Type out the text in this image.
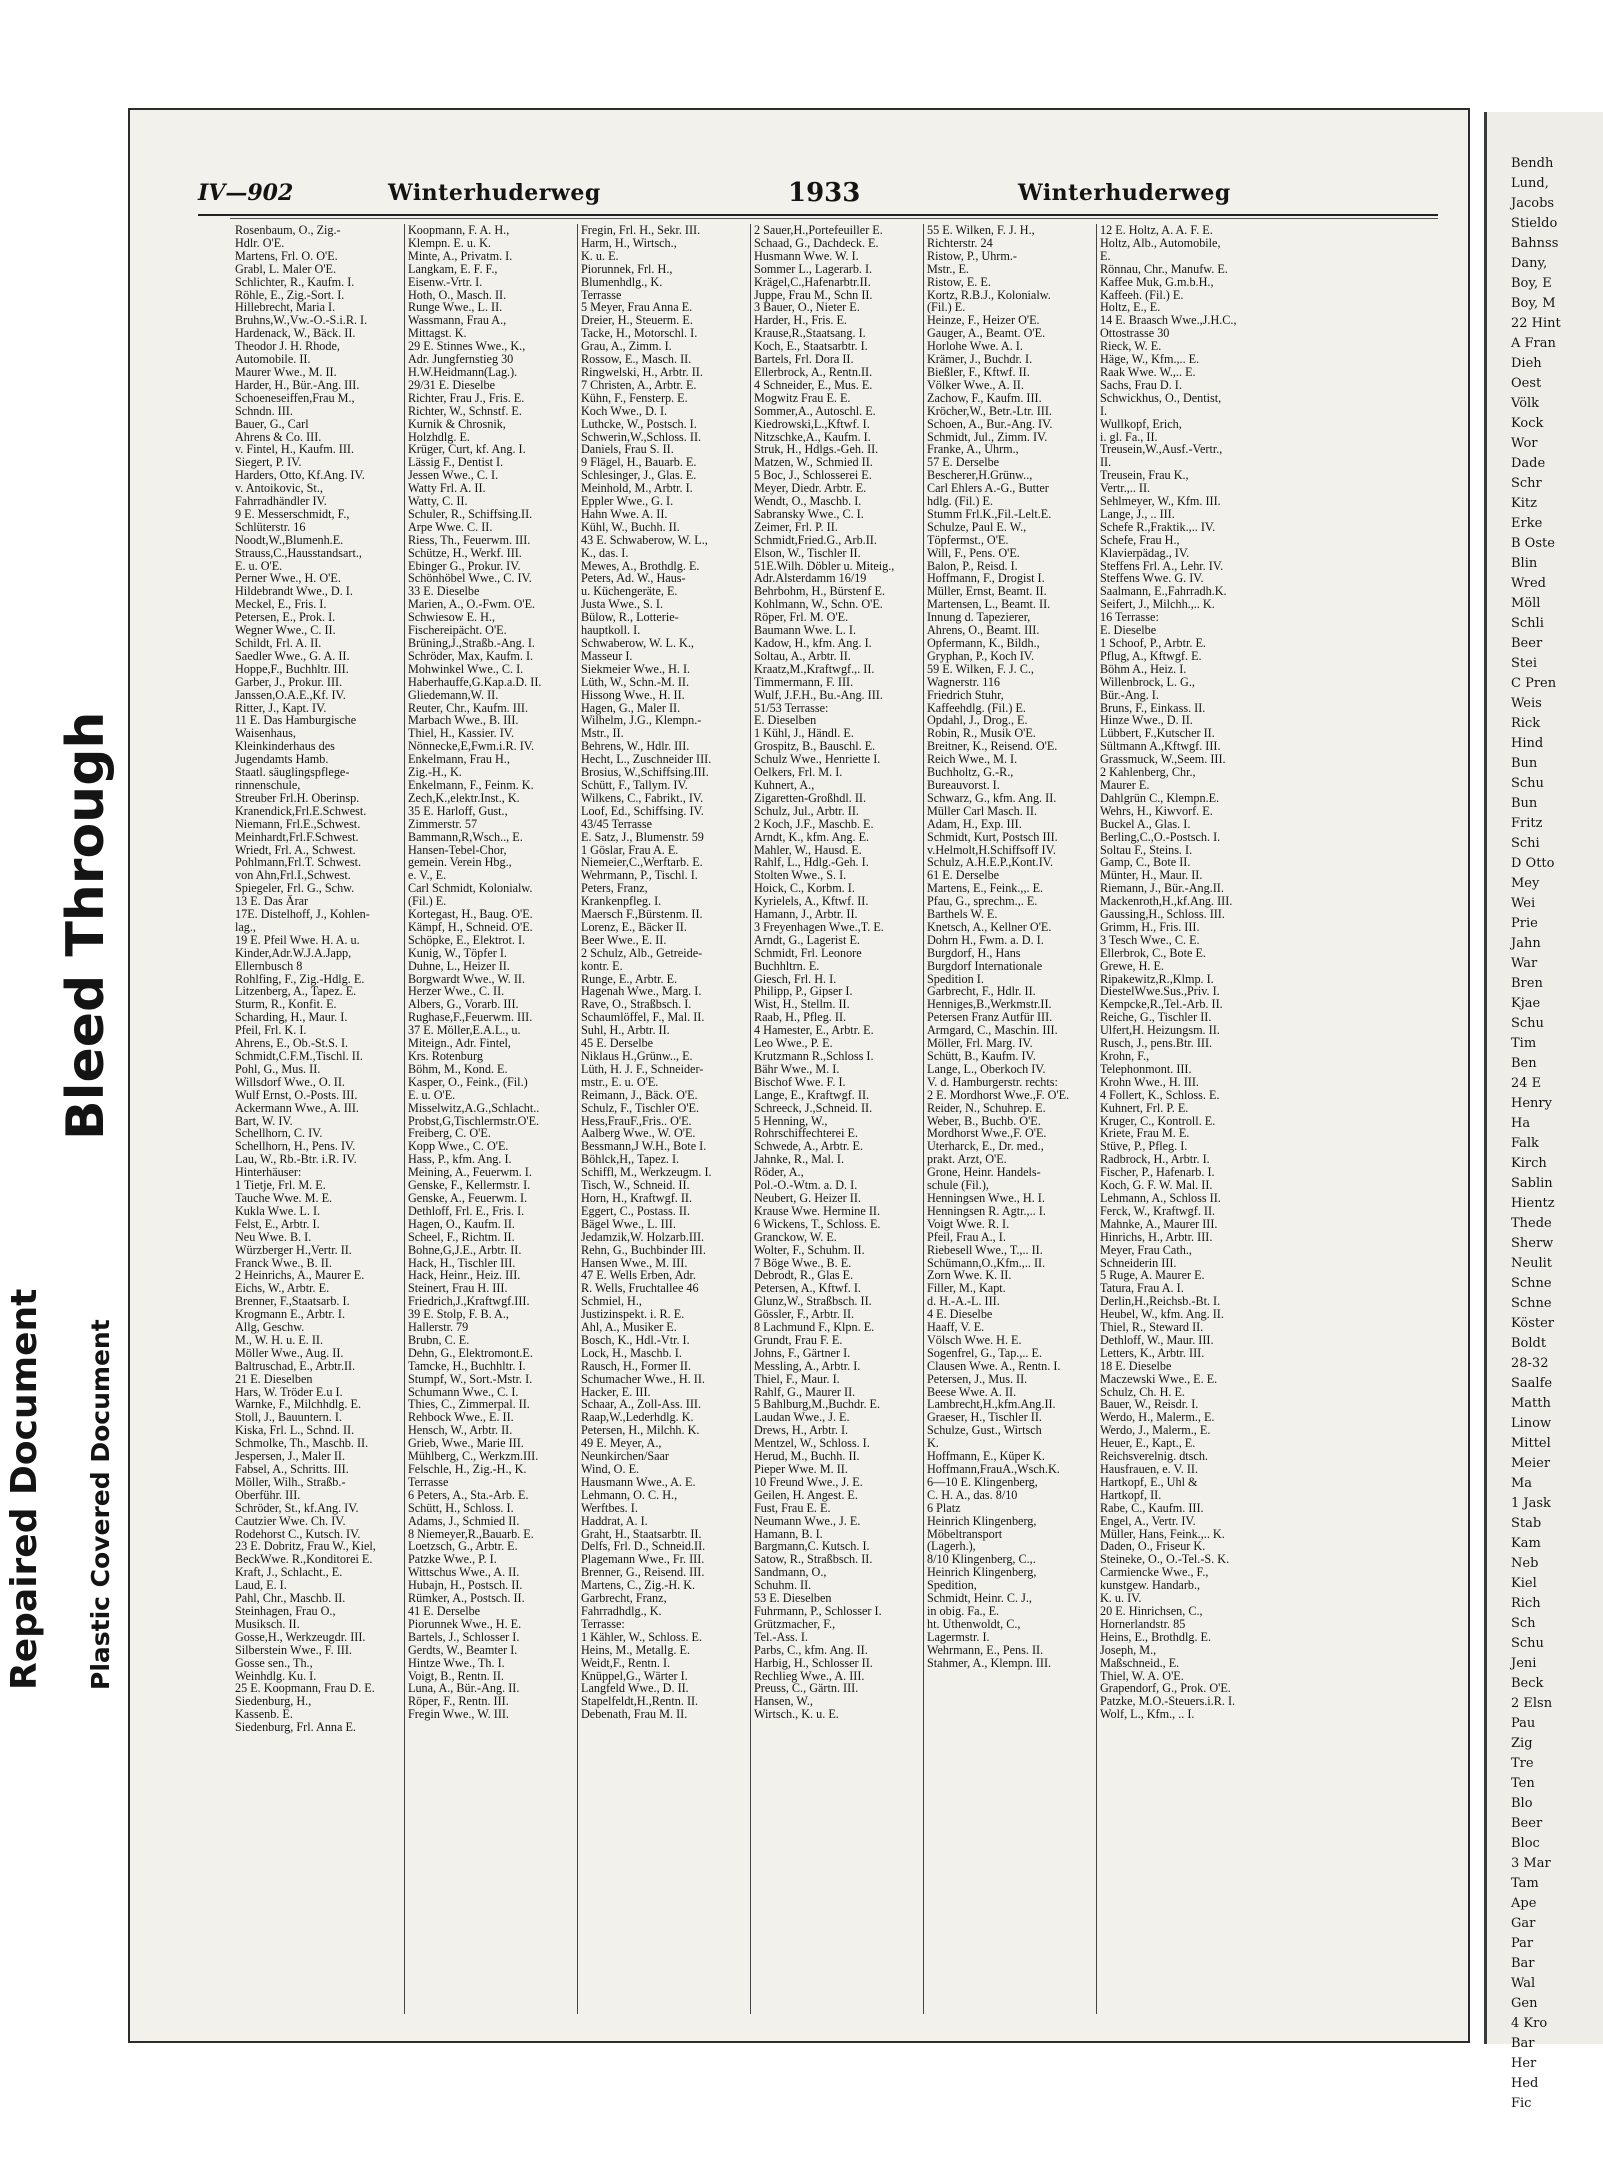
Repaired Document Plastic Covered Document
Bleed Through
Bendh
Lund,
Jacobs
Stieldo
Bahnss
Dany,
Boy, E
Boy, M
22 Hint
A Fran
Dieh
Oest
Völk
Kock
Wor
Dade
Schr
Kitz
Erke
B Oste
Blin
Wred
Möll
Schli
Beer
Stei
C Pren
Weis
Rick
Hind
Bun
Schu
Bun
Fritz
Schi
D Otto
Mey
Wei
Prie
Jahn
War
Bren
Kjae
Schu
Tim
Ben
24 E
Henry
Ha
Falk
Kirch
Sablin
Hientz
Thede
Sherw
Neulit
Schne
Schne
Köster
Boldt
28-32
Saalfe
Matth
Linow
Mittel
Meier
Ma
1 Jask
Stab
Kam
Neb
Kiel
Rich
Sch
Schu
Jeni
Beck
2 Elsn
Pau
Zig
Tre
Ten
Blo
Beer
Bloc
3 Mar
Tam
Ape
Gar
Par
Bar
Wal
Gen
4 Kro
Bar
Her
Hed
Fic
IV—902	Winterhuderweg	1933	Winterhuderweg
Rosenbaum, O., Zig.-
Hdlr. O'E.
Martens, Frl. O. O'E.
Grabl, L. Maler O'E.
Schlichter, R., Kaufm. I.
Röhle, E., Zig.-Sort. I.
Hillebrecht, Maria I.
Bruhns,W.,Vw.-O.-S.i.R. I.
Hardenack, W., Bäck. II.
Theodor J. H. Rhode,
Automobile. II.
Maurer Wwe., M. II.
Harder, H., Bür.-Ang. III.
Schoeneseiffen,Frau M.,
Schndn. III.
Bauer, G., Carl
Ahrens & Co. III.
v. Fintel, H., Kaufm. III.
Siegert, P. IV.
Harders, Otto, Kf.Ang. IV.
v. Antoikovic, St.,
Fahrradhändler IV.
9 E. Messerschmidt, F.,
Schlüterstr. 16
Noodt,W.,Blumenh.E.
Strauss,C.,Hausstandsart.,
E. u. O'E.
Perner Wwe., H. O'E.
Hildebrandt Wwe., D. I.
Meckel, E., Fris. I.
Petersen, E., Prok. I.
Wegner Wwe., C. II.
Schildt, Frl. A. II.
Saedler Wwe., G. A. II.
Hoppe,F., Buchhltr. III.
Garber, J., Prokur. III.
Janssen,O.A.E.,Kf. IV.
Ritter, J., Kapt. IV.
11 E. Das Hamburgische
Waisenhaus,
Kleinkinderhaus des
Jugendamts Hamb.
Staatl. säuglingspflege-
rinnenschule,
Streuber Frl.H. Oberinsp.
Kranendick,Frl.E.Schwest.
Niemann, Frl.E.,Schwest.
Meinhardt,Frl.F.Schwest.
Wriedt, Frl. A., Schwest.
Pohlmann,Frl.T. Schwest.
von Ahn,Frl.I.,Schwest.
Spiegeler, Frl. G., Schw.
13 E. Das Ärar
17E. Distelhoff, J., Kohlen-
lag.,
19 E. Pfeil Wwe. H. A. u.
Kinder,Adr.W.J.A.Japp,
Ellernbusch 8
Rohlfing, F., Zig.-Hdlg. E.
Litzenberg, A., Tapez. E.
Sturm, R., Konfit. E.
Scharding, H., Maur. I.
Pfeil, Frl. K. I.
Ahrens, E., Ob.-St.S. I.
Schmidt,C.F.M.,Tischl. II.
Pohl, G., Mus. II.
Willsdorf Wwe., O. II.
Wulf Ernst, O.-Posts. III.
Ackermann Wwe., A. III.
Bart, W. IV.
Schellhorn, C. IV.
Schellhorn, H., Pens. IV.
Lau, W., Rb.-Btr. i.R. IV.
Hinterhäuser:
1 Tietje, Frl. M. E.
Tauche Wwe. M. E.
Kukla Wwe. L. I.
Felst, E., Arbtr. I.
Neu Wwe. B. I.
Würzberger H.,Vertr. II.
Franck Wwe., B. II.
2 Heinrichs, A., Maurer E.
Eichs, W., Arbtr. E.
Brenner, F.,Staatsarb. I.
Krogmann E., Arbtr. I.
Allg, Geschw.
M., W. H. u. E. II.
Möller Wwe., Aug. II.
Baltruschad, E., Arbtr.II.
21 E. Dieselben
Hars, W. Tröder E.u I.
Warnke, F., Milchhdlg. E.
Stoll, J., Bauuntern. I.
Kiska, Frl. L., Schnd. II.
Schmolke, Th., Maschb. II.
Jespersen, J., Maler II.
Fabsel, A., Schritts. III.
Möller, Wilh., Straßb.-
Oberführ. III.
Schröder, St., kf.Ang. IV.
Cautzier Wwe. Ch. IV.
Rodehorst C., Kutsch. IV.
23 E. Dobritz, Frau W., Kiel,
BeckWwe. R.,Konditorei E.
Kraft, J., Schlacht., E.
Laud, E. I.
Pahl, Chr., Maschb. II.
Steinhagen, Frau O.,
Musiksch. II.
Gosse,H., Werkzeugdr. III.
Silberstein Wwe., F. III.
Gosse sen., Th.,
Weinhdlg. Ku. I.
25 E. Koopmann, Frau D. E.
Siedenburg, H.,
Kassenb. E.
Siedenburg, Frl. Anna E.
Koopmann, F. A. H.,
Klempn. E. u. K.
Minte, A., Privatm. I.
Langkam, E. F. F.,
Eisenw.-Vrtr. I.
Hoth, O., Masch. II.
Runge Wwe., L. II.
Wassmann, Frau A.,
Mittagst. K.
29 E. Stinnes Wwe., K.,
Adr. Jungfernstieg 30
H.W.Heidmann(Lag.).
29/31 E. Dieselbe
Richter, Frau J., Fris. E.
Richter, W., Schnstf. E.
Kurnik & Chrosnik,
Holzhdlg. E.
Krüger, Curt, kf. Ang. I.
Lässig F., Dentist I.
Jessen Wwe., C. I.
Watty Frl. A. II.
Watty, C. II.
Schuler, R., Schiffsing.II.
Arpe Wwe. C. II.
Riess, Th., Feuerwm. III.
Schütze, H., Werkf. III.
Ebinger G., Prokur. IV.
Schönhöbel Wwe., C. IV.
33 E. Dieselbe
Marien, A., O.-Fwm. O'E.
Schwiesow E. H.,
Fischereipächt. O'E.
Brüning,J.,Straßb.-Ang. I.
Schröder, Max, Kaufm. I.
Mohwinkel Wwe., C. I.
Haberhauffe,G.Kap.a.D. II.
Gliedemann,W. II.
Reuter, Chr., Kaufm. III.
Marbach Wwe., B. III.
Thiel, H., Kassier. IV.
Nönnecke,E,Fwm.i.R. IV.
Enkelmann, Frau H.,
Zig.-H., K.
Enkelmann, F., Feinm. K.
Zech,K.,elektr.Inst., K.
35 E. Harloff, Gust.,
Zimmerstr. 57
Bammann,R,Wsch.., E.
Hansen-Tebel-Chor,
gemein. Verein Hbg.,
e. V., E.
Carl Schmidt, Kolonialw.
(Fil.) E.
Kortegast, H., Baug. O'E.
Kämpf, H., Schneid. O'E.
Schöpke, E., Elektrot. I.
Kunig, W., Töpfer I.
Duhne, L., Heizer II.
Borgwardt Wwe., W. II.
Herzer Wwe., C. II.
Albers, G., Vorarb. III.
Rughase,F.,Feuerwm. III.
37 E. Möller,E.A.L., u.
Miteign., Adr. Fintel,
Krs. Rotenburg
Böhm, M., Kond. E.
Kasper, O., Feink., (Fil.)
E. u. O'E.
Misselwitz,A.G.,Schlacht..
Probst,G,Tischlermstr.O'E.
Freiberg, C. O'E.
Kopp Wwe., C. O'E.
Hass, P., kfm. Ang. I.
Meining, A., Feuerwm. I.
Genske, F., Kellermstr. I.
Genske, A., Feuerwm. I.
Dethloff, Frl. E., Fris. I.
Hagen, O., Kaufm. II.
Scheel, F., Richtm. II.
Bohne,G,J.E., Arbtr. II.
Hack, H., Tischler III.
Hack, Heinr., Heiz. III.
Steinert, Frau H. III.
Friedrich,J.,Kraftwgf.III.
39 E. Stolp, F. B. A.,
Hallerstr. 79
Brubn, C. E.
Dehn, G., Elektromont.E.
Tamcke, H., Buchhltr. I.
Stumpf, W., Sort.-Mstr. I.
Schumann Wwe., C. I.
Thies, C., Zimmerpal. II.
Rehbock Wwe., E. II.
Hensch, W., Arbtr. II.
Grieb, Wwe., Marie III.
Mühlberg, C., Werkzm.III.
Felschle, H., Zig.-H., K.
Terrasse
6 Peters, A., Sta.-Arb. E.
Schütt, H., Schloss. I.
Adams, J., Schmied II.
8 Niemeyer,R.,Bauarb. E.
Loetzsch, G., Arbtr. E.
Patzke Wwe., P. I.
Wittschus Wwe., A. II.
Hubajn, H., Postsch. II.
Rümker, A., Postsch. II.
41 E. Derselbe
Piorunnek Wwe., H. E.
Bartels, J., Schlosser I.
Gerdts, W., Beamter I.
Hintze Wwe., Th. I.
Voigt, B., Rentn. II.
Luna, A., Bür.-Ang. II.
Röper, F., Rentn. III.
Fregin Wwe., W. III.
Fregin, Frl. H., Sekr. III.
Harm, H., Wirtsch.,
K. u. E.
Piorunnek, Frl. H.,
Blumenhdlg., K.
Terrasse
5 Meyer, Frau Anna E.
Dreier, H., Steuerm. E.
Tacke, H., Motorschl. I.
Grau, A., Zimm. I.
Rossow, E., Masch. II.
Ringwelski, H., Arbtr. II.
7 Christen, A., Arbtr. E.
Kühn, F., Fensterp. E.
Koch Wwe., D. I.
Luthcke, W., Postsch. I.
Schwerin,W.,Schloss. II.
Daniels, Frau S. II.
9 Flägel, H., Bauarb. E.
Schlesinger, J., Glas. E.
Meinhold, M., Arbtr. I.
Eppler Wwe., G. I.
Hahn Wwe. A. II.
Kühl, W., Buchh. II.
43 E. Schwaberow, W. L.,
K., das. I.
Mewes, A., Brothdlg. E.
Peters, Ad. W., Haus-
u. Küchengeräte, E.
Justa Wwe., S. I.
Bülow, R., Lotterie-
hauptkoll. I.
Schwaberow, W. L. K.,
Masseur I.
Siekmeier Wwe., H. I.
Lüth, W., Schn.-M. II.
Hissong Wwe., H. II.
Hagen, G., Maler II.
Wilhelm, J.G., Klempn.-
Mstr., II.
Behrens, W., Hdlr. III.
Hecht, L., Zuschneider III.
Brosius, W.,Schiffsing.III.
Schütt, F., Tallym. IV.
Wilkens, C., Fabrikt., IV.
Loof, Ed., Schiffsing. IV.
43/45 Terrasse
E. Satz, J., Blumenstr. 59
1 Göslar, Frau A. E.
Niemeier,C.,Werftarb. E.
Wehrmann, P., Tischl. I.
Peters, Franz,
Krankenpfleg. I.
Maersch F.,Bürstenm. II.
Lorenz, E., Bäcker II.
Beer Wwe., E. II.
2 Schulz, Alb., Getreide-
kontr. E.
Runge, E., Arbtr. E.
Hagenah Wwe., Marg. I.
Rave, O., Straßbsch. I.
Schaumlöffel, F., Mal. II.
Suhl, H., Arbtr. II.
45 E. Derselbe
Niklaus H.,Grünw.., E.
Lüth, H. J. F., Schneider-
mstr., E. u. O'E.
Reimann, J., Bäck. O'E.
Schulz, F., Tischler O'E.
Hess,FrauF.,Fris.. O'E.
Aalberg Wwe., W. O'E.
Bessmann,J W.H., Bote I.
Böhlck,H,, Tapez. I.
Schiffl, M., Werkzeugm. I.
Tisch, W., Schneid. II.
Horn, H., Kraftwgf. II.
Eggert, C., Postass. II.
Bägel Wwe., L. III.
Jedamzik,W. Holzarb.III.
Rehn, G., Buchbinder III.
Hansen Wwe., M. III.
47 E. Wells Erben, Adr.
R. Wells, Fruchtallee 46
Schmiel, H.,
Justizinspekt. i. R. E.
Ahl, A., Musiker E.
Bosch, K., Hdl.-Vtr. I.
Lock, H., Maschb. I.
Rausch, H., Former II.
Schumacher Wwe., H. II.
Hacker, E. III.
Schaar, A., Zoll-Ass. III.
Raap,W.,Lederhdlg. K.
Petersen, H., Milchh. K.
49 E. Meyer, A.,
Neunkirchen/Saar
Wind, O. E.
Hausmann Wwe., A. E.
Lehmann, O. C. H.,
Werftbes. I.
Haddrat, A. I.
Graht, H., Staatsarbtr. II.
Delfs, Frl. D., Schneid.II.
Plagemann Wwe., Fr. III.
Brenner, G., Reisend. III.
Martens, C., Zig.-H. K.
Garbrecht, Franz,
Fahrradhdlg., K.
Terrasse:
1 Kähler, W., Schloss. E.
Heins, M., Metallg. E.
Weidt,F., Rentn. I.
Knüppel,G., Wärter I.
Langfeld Wwe., D. II.
Stapelfeldt,H.,Rentn. II.
Debenath, Frau M. II.
2 Sauer,H.,Portefeuiller E.
Schaad, G., Dachdeck. E.
Husmann Wwe. W. I.
Sommer L., Lagerarb. I.
Krägel,C.,Hafenarbtr.II.
Juppe, Frau M., Schn II.
3 Bauer, O., Nieter E.
Harder, H., Fris. E.
Krause,R.,Staatsang. I.
Koch, E., Staatsarbtr. I.
Bartels, Frl. Dora II.
Ellerbrock, A., Rentn.II.
4 Schneider, E., Mus. E.
Mogwitz Frau E. E.
Sommer,A., Autoschl. E.
Kiedrowski,L.,Kftwf. I.
Nitzschke,A., Kaufm. I.
Struk, H., Hdlgs.-Geh. II.
Matzen, W., Schmied II.
5 Boc, J., Schlosserei E.
Meyer, Diedr. Arbtr. E.
Wendt, O., Maschb. I.
Sabransky Wwe., C. I.
Zeimer, Frl. P. II.
Schmidt,Fried.G., Arb.II.
Elson, W., Tischler II.
51E.Wilh. Döbler u. Miteig.,
Adr.Alsterdamm 16/19
Behrbohm, H., Bürstenf E.
Kohlmann, W., Schn. O'E.
Röper, Frl. M. O'E.
Baumann Wwe. L. I.
Kadow, H., kfm. Ang. I.
Soltau, A., Arbtr. II.
Kraatz,M.,Kraftwgf.,. II.
Timmermann, F. III.
Wulf, J.F.H., Bu.-Ang. III.
51/53 Terrasse:
E. Dieselben
1 Kühl, J., Händl. E.
Grospitz, B., Bauschl. E.
Schulz Wwe., Henriette I.
Oelkers, Frl. M. I.
Kuhnert, A.,
Zigaretten-Großhdl. II.
Schulz, Jul., Arbtr. II.
2 Koch, J.F., Maschb. E.
Arndt, K., kfm. Ang. E.
Mahler, W., Hausd. E.
Rahlf, L., Hdlg.-Geh. I.
Stolten Wwe., S. I.
Hoick, C., Korbm. I.
Kyrielels, A., Kftwf. II.
Hamann, J., Arbtr. II.
3 Freyenhagen Wwe.,T. E.
Arndt, G., Lagerist E.
Schmidt, Frl. Leonore
Buchhltrn. E.
Giesch, Frl. H. I.
Philipp, P., Gipser I.
Wist, H., Stellm. II.
Raab, H., Pfleg. II.
4 Hamester, E., Arbtr. E.
Leo Wwe., P. E.
Krutzmann R.,Schloss I.
Bähr Wwe., M. I.
Bischof Wwe. F. I.
Lange, E., Kraftwgf. II.
Schreeck, J.,Schneid. II.
5 Henning, W.,
Rohrschiffechterei E.
Schwede, A., Arbtr. E.
Jahnke, R., Mal. I.
Röder, A.,
Pol.-O.-Wtm. a. D. I.
Neubert, G. Heizer II.
Krause Wwe. Hermine II.
6 Wickens, T., Schloss. E.
Granckow, W. E.
Wolter, F., Schuhm. II.
7 Böge Wwe., B. E.
Debrodt, R., Glas E.
Petersen, A., Kftwf. I.
Glunz,W., Straßbsch. II.
Gössler, F., Arbtr. II.
8 Lachmund F., Klpn. E.
Grundt, Frau F. E.
Johns, F., Gärtner I.
Messling, A., Arbtr. I.
Thiel, F., Maur. I.
Rahlf, G., Maurer II.
5 Bahlburg,M.,Buchdr. E.
Laudan Wwe., J. E.
Drews, H., Arbtr. I.
Mentzel, W., Schloss. I.
Herud, M., Buchh. II.
Pieper Wwe. M. II.
10 Freund Wwe., J. E.
Geilen, H. Angest. E.
Fust, Frau E. E.
Neumann Wwe., J. E.
Hamann, B. I.
Bargmann,C. Kutsch. I.
Satow, R., Straßbsch. II.
Sandmann, O.,
Schuhm. II.
53 E. Dieselben
Fuhrmann, P., Schlosser I.
Grützmacher, F.,
Tel.-Ass. I.
Parbs, C., kfm. Ang. II.
Harbig, H., Schlosser II.
Rechlieg Wwe., A. III.
Preuss, C., Gärtn. III.
Hansen, W.,
Wirtsch., K. u. E.
55 E. Wilken, F. J. H.,
Richterstr. 24
Ristow, P., Uhrm.-
Mstr., E.
Ristow, E. E.
Kortz, R.B.J., Kolonialw.
(Fil.) E.
Heinze, F., Heizer O'E.
Gauger, A., Beamt. O'E.
Horlohe Wwe. A. I.
Krämer, J., Buchdr. I.
Bießler, F., Kftwf. II.
Völker Wwe., A. II.
Zachow, F., Kaufm. III.
Kröcher,W., Betr.-Ltr. III.
Schoen, A., Bur.-Ang. IV.
Schmidt, Jul., Zimm. IV.
Franke, A., Uhrm.,
57 E. Derselbe
Bescherer,H.Grünw..,
Carl Ehlers A.-G., Butter
hdlg. (Fil.) E.
Stumm Frl.K.,Fil.-Lelt.E.
Schulze, Paul E. W.,
Töpfermst., O'E.
Will, F., Pens. O'E.
Balon, P., Reisd. I.
Hoffmann, F., Drogist I.
Müller, Ernst, Beamt. II.
Martensen, L., Beamt. II.
Innung d. Tapezierer,
Ahrens, O., Beamt. III.
Opfermann, K., Bildh.,
Gryphan, P., Koch IV.
59 E. Wilken, F. J. C.,
Wagnerstr. 116
Friedrich Stuhr,
Kaffeehdlg. (Fil.) E.
Opdahl, J., Drog., E.
Robin, R., Musik O'E.
Breitner, K., Reisend. O'E.
Reich Wwe., M. I.
Buchholtz, G.-R.,
Bureauvorst. I.
Schwarz, G., kfm. Ang. II.
Müller Carl Masch. II.
Adam, H., Exp. III.
Schmidt, Kurt, Postsch III.
v.Helmolt,H.Schiffsoff IV.
Schulz, A.H.E.P.,Kont.IV.
61 E. Derselbe
Martens, E., Feink.,,. E.
Pfau, G., sprechm.,. E.
Barthels W. E.
Knetsch, A., Kellner O'E.
Dohrn H., Fwm. a. D. I.
Burgdorf, H., Hans
Burgdorf Internationale
Spedition I.
Garbrecht, F., Hdlr. II.
Henniges,B.,Werkmstr.II.
Petersen Franz Autfür III.
Armgard, C., Maschin. III.
Möller, Frl. Marg. IV.
Schütt, B., Kaufm. IV.
Lange, L., Oberkoch IV.
V. d. Hamburgerstr. rechts:
2 E. Mordhorst Wwe.,F. O'E.
Reider, N., Schuhrep. E.
Weber, B., Buchb. O'E.
Mordhorst Wwe.,F. O'E.
Uterharck, E., Dr. med.,
prakt. Arzt, O'E.
Grone, Heinr. Handels-
schule (Fil.),
Henningsen Wwe., H. I.
Henningsen R. Agtr.,.. I.
Voigt Wwe. R. I.
Pfeil, Frau A., I.
Riebesell Wwe., T.,.. II.
Schümann,O.,Kfm.,.. II.
Zorn Wwe. K. II.
Filler, M., Kapt.
d. H.-A.-L. III.
4 E. Dieselbe
Haaff, V. E.
Völsch Wwe. H. E.
Sogenfrel, G., Tap.,.. E.
Clausen Wwe. A., Rentn. I.
Petersen, J., Mus. II.
Beese Wwe. A. II.
Lambrecht,H.,kfm.Ang.II.
Graeser, H., Tischler II.
Schulze, Gust., Wirtsch
K.
Hoffmann, E., Küper K.
Hoffmann,FrauA.,Wsch.K.
6—10 E. Klingenberg,
C. H. A., das. 8/10
6 Platz
Heinrich Klingenberg,
Möbeltransport
(Lagerh.),
8/10 Klingenberg, C.,.
Heinrich Klingenberg,
Spedition,
Schmidt, Heinr. C. J.,
in obig. Fa., E.
ht. Uthenwoldt, C.,
Lagermstr. I.
Wehrmann, E., Pens. II.
Stahmer, A., Klempn. III.
12 E. Holtz, A. A. F. E.
Holtz, Alb., Automobile,
E.
Rönnau, Chr., Manufw. E.
Kaffee Muk, G.m.b.H.,
Kaffeeh. (Fil.) E.
Holtz, E., E.
14 E. Braasch Wwe.,J.H.C.,
Ottostrasse 30
Rieck, W. E.
Häge, W., Kfm.,.. E.
Raak Wwe. W.,.. E.
Sachs, Frau D. I.
Schwickhus, O., Dentist,
I.
Wullkopf, Erich,
i. gl. Fa., II.
Treusein,W.,Ausf.-Vertr.,
II.
Treusein, Frau K.,
Vertr.,.. II.
Sehlmeyer, W., Kfm. III.
Lange, J., .. III.
Schefe R.,Fraktik.,.. IV.
Schefe, Frau H.,
Klavierpädag., IV.
Steffens Frl. A., Lehr. IV.
Steffens Wwe. G. IV.
Saalmann, E.,Fahrradh.K.
Seifert, J., Milchh.,.. K.
16 Terrasse:
E. Dieselbe
1 Schoof, P., Arbtr. E.
Pflug, A., Kftwgf. E.
Böhm A., Heiz. I.
Willenbrock, L. G.,
Bür.-Ang. I.
Bruns, F., Einkass. II.
Hinze Wwe., D. II.
Lübbert, F.,Kutscher II.
Sültmann A.,Kftwgf. III.
Grassmuck, W.,Seem. III.
2 Kahlenberg, Chr.,
Maurer E.
Dahlgrün C., Klempn.E.
Wehrs, H., Kiwvorf. E.
Buckel A., Glas. I.
Berling,C.,O.-Postsch. I.
Soltau F., Steins. I.
Gamp, C., Bote II.
Münter, H., Maur. II.
Riemann, J., Bür.-Ang.II.
Mackenroth,H.,kf.Ang. III.
Gaussing,H., Schloss. III.
Grimm, H., Fris. III.
3 Tesch Wwe., C. E.
Ellerbrok, C., Bote E.
Grewe, H. E.
Ripakewitz,R.,Klmp. I.
DiestelWwe.Sus.,Priv. I.
Kempcke,R.,Tel.-Arb. II.
Reiche, G., Tischler II.
Ulfert,H. Heizungsm. II.
Rusch, J., pens.Btr. III.
Krohn, F.,
Telephonmont. III.
Krohn Wwe., H. III.
4 Follert, K., Schloss. E.
Kuhnert, Frl. P. E.
Kruger, C., Kontroll. E.
Kriete, Frau M. E.
Stüve, P., Pfleg. I.
Radbrock, H., Arbtr. I.
Fischer, P., Hafenarb. I.
Koch, G. F. W. Mal. II.
Lehmann, A., Schloss II.
Ferck, W., Kraftwgf. II.
Mahnke, A., Maurer III.
Hinrichs, H., Arbtr. III.
Meyer, Frau Cath.,
Schneiderin III.
5 Ruge, A. Maurer E.
Tatura, Frau A. I.
Derlin,H.,Reichsb.-Bt. I.
Heubel, W., kfm. Ang. II.
Thiel, R., Steward II.
Dethloff, W., Maur. III.
Letters, K., Arbtr. III.
18 E. Dieselbe
Maczewski Wwe., E. E.
Schulz, Ch. H. E.
Bauer, W., Reisdr. I.
Werdo, H., Malerm., E.
Werdo, J., Malerm., E.
Heuer, E., Kapt., E.
Reichsverelnig. dtsch.
Hausfrauen, e. V. II.
Hartkopf, E., Uhl &
Hartkopf, II.
Rabe, C., Kaufm. III.
Engel, A., Vertr. IV.
Müller, Hans, Feink.,.. K.
Daden, O., Friseur K.
Steineke, O., O.-Tel.-S. K.
Carmiencke Wwe., F.,
kunstgew. Handarb.,
K. u. IV.
20 E. Hinrichsen, C.,
Hornerlandstr. 85
Heins, E., Brothdlg. E.
Joseph, M.,
Maßschneid., E.
Thiel, W. A. O'E.
Grapendorf, G., Prok. O'E.
Patzke, M.O.-Steuers.i.R. I.
Wolf, L., Kfm., .. I.
